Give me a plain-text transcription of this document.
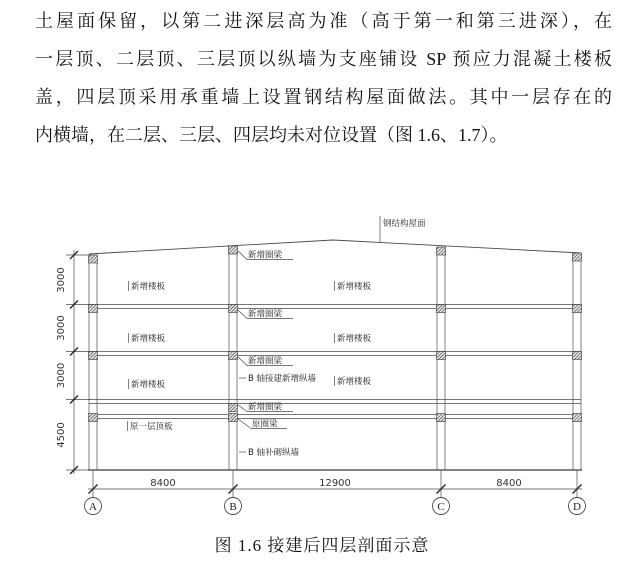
土屋面保留，以第二进深层高为准（高于第一和第三进深），在
一层顶、二层顶、三层顶以纵墙为支座铺设 SP 预应力混凝土楼板
盖，四层顶采用承重墙上设置钢结构屋面做法。其中一层存在的
内横墙，在二层、三层、四层均未对位设置（图 1.6、1.7）。
3000
3000
3000
4500
8400	12900	8400
A	B	C	D
钢结构屋面
新增圈梁
新增圈梁
新增圈梁
新增圈梁
原圈梁
B 轴接建新增纵墙
B 轴补砌纵墙
新增楼板
新增楼板
新增楼板
新增楼板
新增楼板
新增楼板
原一层顶板
图 1.6 接建后四层剖面示意
